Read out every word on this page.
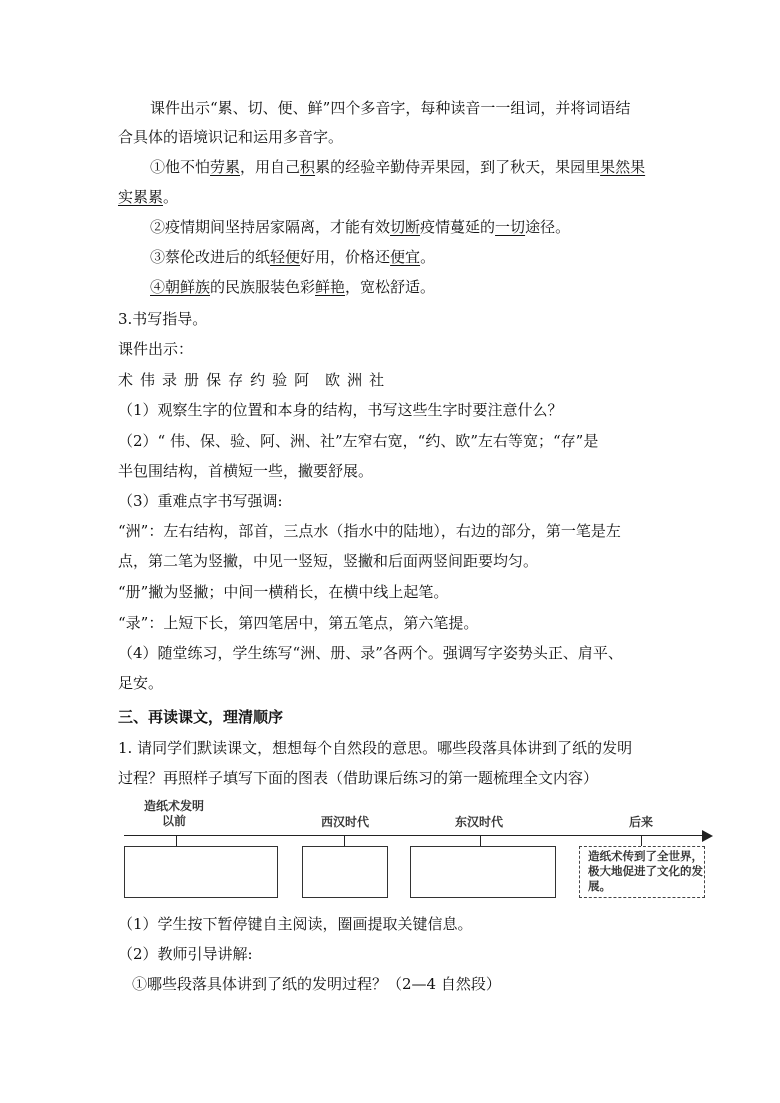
课件出示“累、切、便、鲜”四个多音字，每种读音一一组词，并将词语结
合具体的语境识记和运用多音字。
①他不怕劳累，用自己积累的经验辛勤侍弄果园，到了秋天，果园里果然果
实累累。
②疫情期间坚持居家隔离，才能有效切断疫情蔓延的一切途径。
③蔡伦改进后的纸轻便好用，价格还便宜。
④朝鲜族的民族服装色彩鲜艳，宽松舒适。
3.书写指导。
课件出示：
术 伟 录 册 保 存 约 验 阿 欧 洲 社
（1）观察生字的位置和本身的结构，书写这些生字时要注意什么？
（2）“ 伟、保、验、阿、洲、社”左窄右宽，“约、欧”左右等宽；“存”是
半包围结构，首横短一些，撇要舒展。
（3）重难点字书写强调:
“洲”：左右结构，部首，三点水（指水中的陆地），右边的部分，第一笔是左
点，第二笔为竖撇，中见一竖短，竖撇和后面两竖间距要均匀。
“册”撇为竖撇；中间一横稍长，在横中线上起笔。
“录”：上短下长，第四笔居中，第五笔点，第六笔提。
（4）随堂练习，学生练写“洲、册、录”各两个。强调写字姿势头正、肩平、
足安。
三、再读课文，理清顺序
1. 请同学们默读课文，想想每个自然段的意思。哪些段落具体讲到了纸的发明
过程？再照样子填写下面的图表（借助课后练习的第一题梳理全文内容）
造纸术发明以前	西汉时代	东汉时代	后来
造纸术传到了全世界，极大地促进了文化的发展。
（1）学生按下暂停键自主阅读，圈画提取关键信息。
（2）教师引导讲解:
①哪些段落具体讲到了纸的发明过程？（2—4 自然段）
